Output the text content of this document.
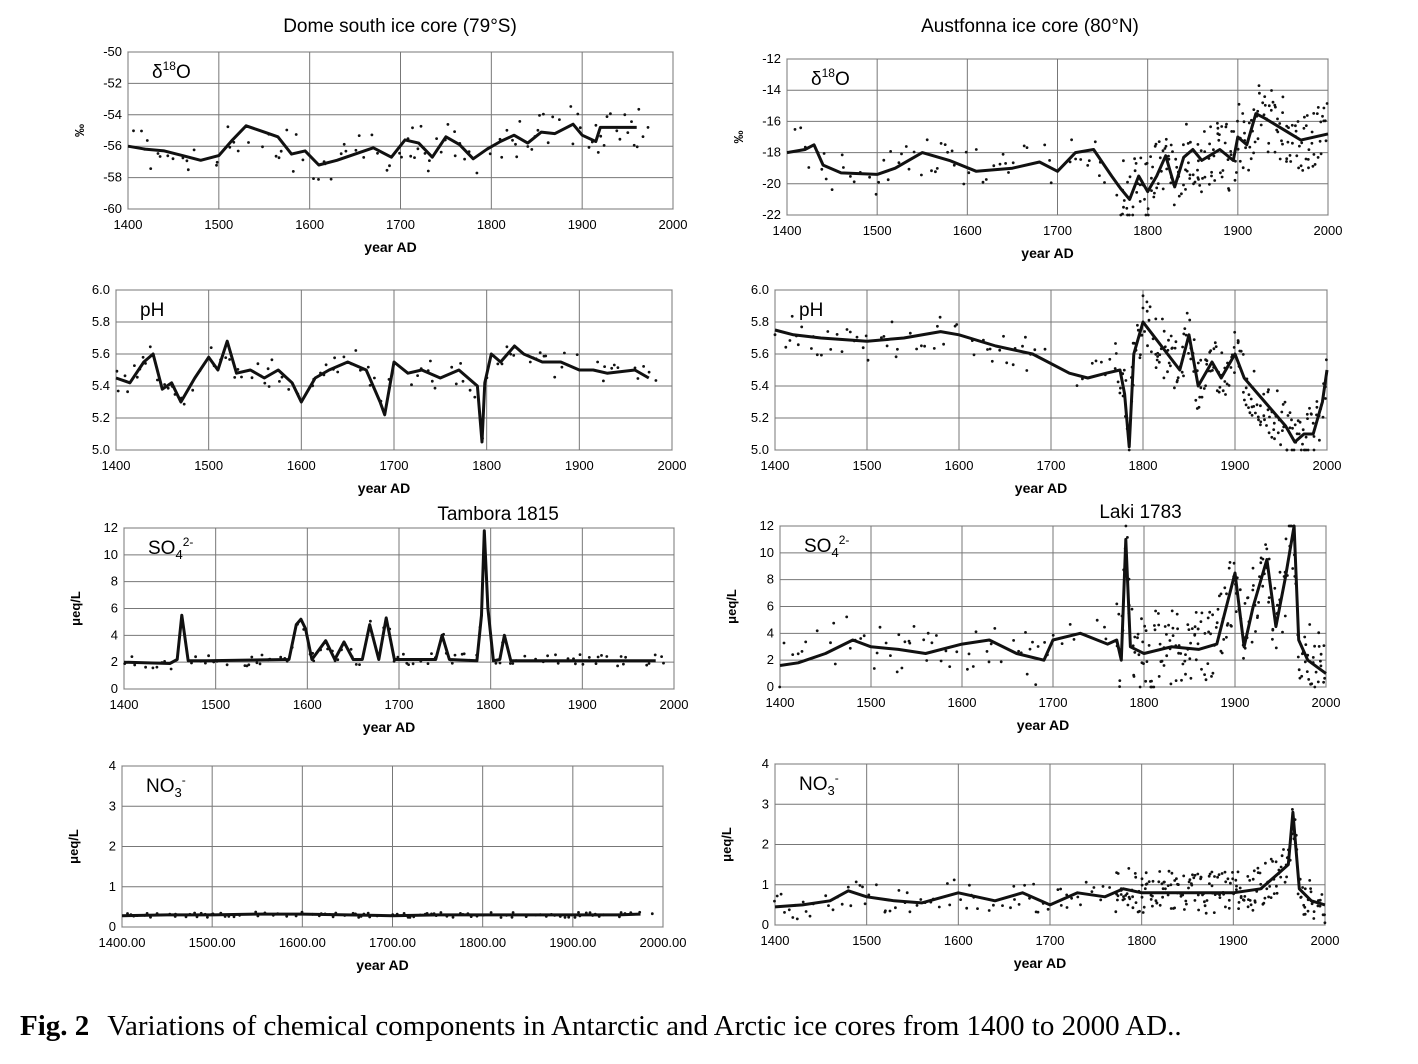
Dome south ice core (79°S)	Austfonna ice core (80°N)
-60
-58
-56
-54
-52
-50
1400	1500	1600	1700	1800	1900	2000
year AD
‰
$\delta^{18}O$
5.0
5.2
5.4
5.6
5.8
6.0
1400	1500	1600	1700	1800	1900	2000
year AD
pH
0
2
4
6
8
10
12
1400	1500	1600	1700	1800	1900	2000
year AD
μeq/L
$SO_4^{2-}$
Tambora 1815
0
1
2
3
4
1400.00	1500.00	1600.00	1700.00	1800.00	1900.00	2000.00
year AD
μeq/L
$NO_3^-$
-22
-20
-18
-16
-14
-12
1400	1500	1600	1700	1800	1900	2000
year AD
‰
$\delta^{18}O$
5.0
5.2
5.4
5.6
5.8
6.0
1400	1500	1600	1700	1800	1900	2000
year AD
pH
0
2
4
6
8
10
12
1400	1500	1600	1700	1800	1900	2000
year AD
μeq/L
$SO_4^{2-}$
Laki 1783
0
1
2
3
4
1400	1500	1600	1700	1800	1900	2000
year AD
μeq/L
$NO_3^-$
Fig. 2 Variations of chemical components in Antarctic and Arctic ice cores from 1400 to 2000 AD..
